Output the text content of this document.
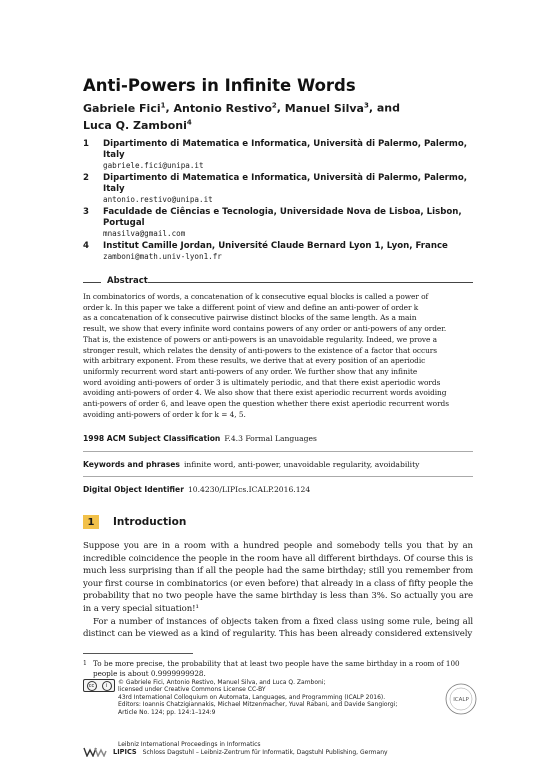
Anti-Powers in Infinite Words
Gabriele Fici$^1$, Antonio Restivo$^2$, Manuel Silva$^3$, and
Luca Q. Zamboni$^4$
1	Dipartimento di Matematica e Informatica, Università di Palermo, Palermo,
Italy
gabriele.fici@unipa.it
2	Dipartimento di Matematica e Informatica, Università di Palermo, Palermo,
Italy
antonio.restivo@unipa.it
3	Faculdade de Ciências e Tecnologia, Universidade Nova de Lisboa, Lisbon,
Portugal
mnasilva@gmail.com
4	Institut Camille Jordan, Université Claude Bernard Lyon 1, Lyon, France
zamboni@math.univ-lyon1.fr
Abstract
In combinatorics of words, a concatenation of k consecutive equal blocks is called a power of
order k. In this paper we take a different point of view and define an anti-power of order k
as a concatenation of k consecutive pairwise distinct blocks of the same length. As a main
result, we show that every infinite word contains powers of any order or anti-powers of any order.
That is, the existence of powers or anti-powers is an unavoidable regularity. Indeed, we prove a
stronger result, which relates the density of anti-powers to the existence of a factor that occurs
with arbitrary exponent. From these results, we derive that at every position of an aperiodic
uniformly recurrent word start anti-powers of any order. We further show that any infinite
word avoiding anti-powers of order 3 is ultimately periodic, and that there exist aperiodic words
avoiding anti-powers of order 4. We also show that there exist aperiodic recurrent words avoiding
anti-powers of order 6, and leave open the question whether there exist aperiodic recurrent words
avoiding anti-powers of order k for k = 4, 5.
1998 ACM Subject Classification F.4.3 Formal Languages
Keywords and phrases infinite word, anti-power, unavoidable regularity, avoidability
Digital Object Identifier 10.4230/LIPIcs.ICALP.2016.124
1	Introduction

Suppose you are in a room with a hundred people and somebody tells you that by an incredible coincidence the people in the room have all different birthdays. Of course this is much less surprising than if all the people had the same birthday; still you remember from your first course in combinatorics (or even before) that already in a class of fifty people the probability that no two people have the same birthday is less than 3%. So actually you are in a very special situation!¹

For a number of instances of objects taken from a fixed class using some rule, being all distinct can be viewed as a kind of regularity. This has been already considered extensively

$^1$ To be more precise, the probability that at least two people have the same birthday in a room of 100
people is about 0.9999999928.
cc	i	© Gabriele Fici, Antonio Restivo, Manuel Silva, and Luca Q. Zamboni;
licensed under Creative Commons License CC-BY
43rd International Colloquium on Automata, Languages, and Programming (ICALP 2016).
Editors: Ioannis Chatzigiannakis, Michael Mitzenmacher, Yuval Rabani, and Davide Sangiorgi;
Article No. 124; pp. 124:1–124:9
Leibniz International Proceedings in Informatics
LIPICS Schloss Dagstuhl – Leibniz-Zentrum für Informatik, Dagstuhl Publishing, Germany
ICALP
